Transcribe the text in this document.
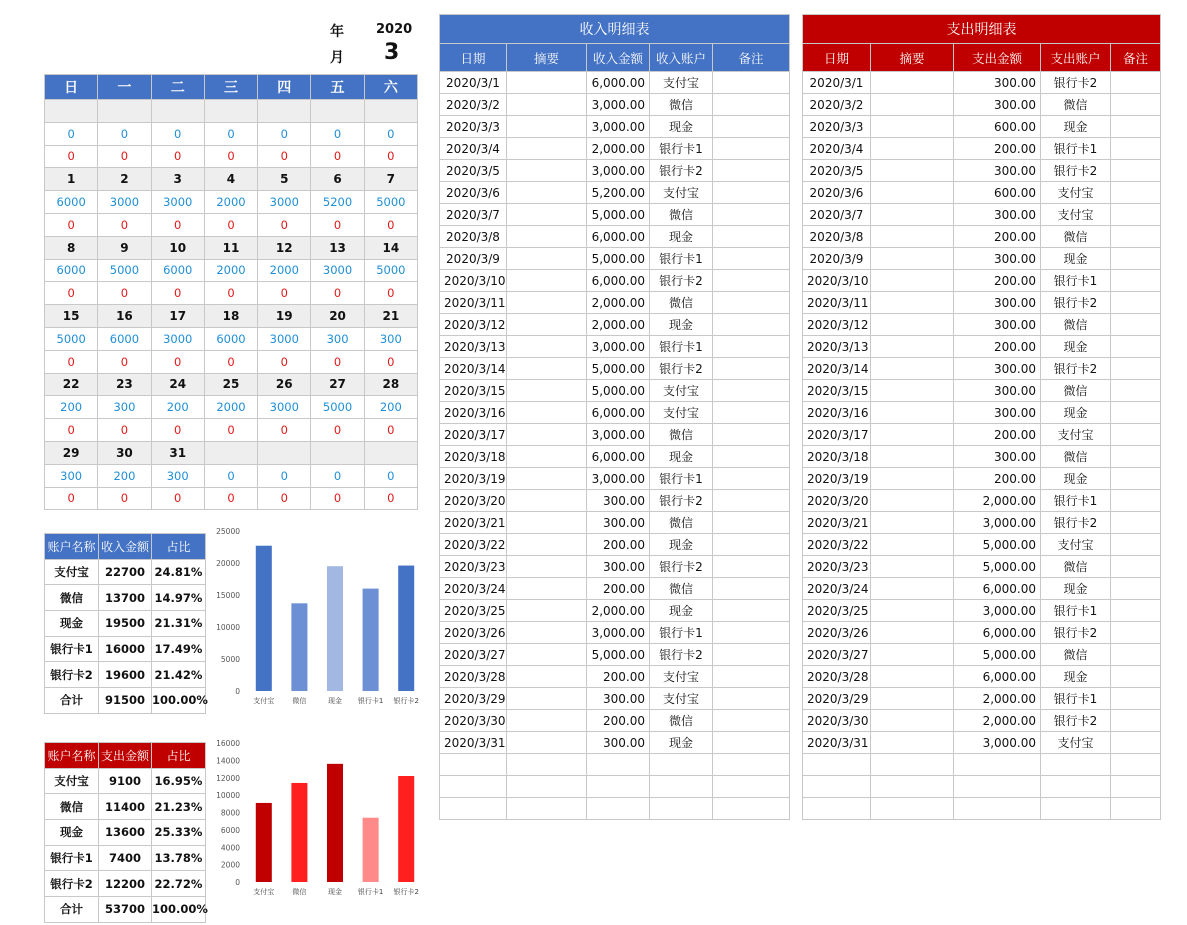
年 2020
月 3
日	一	二	三	四	五	六

0	0	0	0	0	0	0
0	0	0	0	0	0	0
1	2	3	4	5	6	7
6000	3000	3000	2000	3000	5200	5000
0	0	0	0	0	0	0
8	9	10	11	12	13	14
6000	5000	6000	2000	2000	3000	5000
0	0	0	0	0	0	0
15	16	17	18	19	20	21
5000	6000	3000	6000	3000	300	300
0	0	0	0	0	0	0
22	23	24	25	26	27	28
200	300	200	2000	3000	5000	200
0	0	0	0	0	0	0
29	30	31				
300	200	300	0	0	0	0
0	0	0	0	0	0	0
账户名称	收入金额	占比
支付宝	22700	24.81%
微信	13700	14.97%
现金	19500	21.31%
银行卡1	16000	17.49%
银行卡2	19600	21.42%
合计	91500	100.00%
账户名称	支出金额	占比
支付宝	9100	16.95%
微信	11400	21.23%
现金	13600	25.33%
银行卡1	7400	13.78%
银行卡2	12200	22.72%
合计	53700	100.00%
0
5000
10000
15000
20000
25000
支付宝	微信	现金 银行卡1 银行卡2
0
2000
4000
6000
8000
10000
12000
14000
16000
支付宝	微信	现金 银行卡1 银行卡2
收入明细表				
日期	摘要	收入金额	收入账户	备注
2020/3/1		6,000.00	支付宝	
2020/3/2		3,000.00	微信	
2020/3/3		3,000.00	现金	
2020/3/4		2,000.00	银行卡1	
2020/3/5		3,000.00	银行卡2	
2020/3/6		5,200.00	支付宝	
2020/3/7		5,000.00	微信	
2020/3/8		6,000.00	现金	
2020/3/9		5,000.00	银行卡1	
2020/3/10		6,000.00	银行卡2	
2020/3/11		2,000.00	微信	
2020/3/12		2,000.00	现金	
2020/3/13		3,000.00	银行卡1	
2020/3/14		5,000.00	银行卡2	
2020/3/15		5,000.00	支付宝	
2020/3/16		6,000.00	支付宝	
2020/3/17		3,000.00	微信	
2020/3/18		6,000.00	现金	
2020/3/19		3,000.00	银行卡1	
2020/3/20		300.00	银行卡2	
2020/3/21		300.00	微信	
2020/3/22		200.00	现金	
2020/3/23		300.00	银行卡2	
2020/3/24		200.00	微信	
2020/3/25		2,000.00	现金	
2020/3/26		3,000.00	银行卡1	
2020/3/27		5,000.00	银行卡2	
2020/3/28		200.00	支付宝	
2020/3/29		300.00	支付宝	
2020/3/30		200.00	微信	
2020/3/31		300.00	现金	

支出明细表				
日期	摘要	支出金额	支出账户	备注
2020/3/1		300.00	银行卡2	
2020/3/2		300.00	微信	
2020/3/3		600.00	现金	
2020/3/4		200.00	银行卡1	
2020/3/5		300.00	银行卡2	
2020/3/6		600.00	支付宝	
2020/3/7		300.00	支付宝	
2020/3/8		200.00	微信	
2020/3/9		300.00	现金	
2020/3/10		200.00	银行卡1	
2020/3/11		300.00	银行卡2	
2020/3/12		300.00	微信	
2020/3/13		200.00	现金	
2020/3/14		300.00	银行卡2	
2020/3/15		300.00	微信	
2020/3/16		300.00	现金	
2020/3/17		200.00	支付宝	
2020/3/18		300.00	微信	
2020/3/19		200.00	现金	
2020/3/20		2,000.00	银行卡1	
2020/3/21		3,000.00	银行卡2	
2020/3/22		5,000.00	支付宝	
2020/3/23		5,000.00	微信	
2020/3/24		6,000.00	现金	
2020/3/25		3,000.00	银行卡1	
2020/3/26		6,000.00	银行卡2	
2020/3/27		5,000.00	微信	
2020/3/28		6,000.00	现金	
2020/3/29		2,000.00	银行卡1	
2020/3/30		2,000.00	银行卡2	
2020/3/31		3,000.00	支付宝	
